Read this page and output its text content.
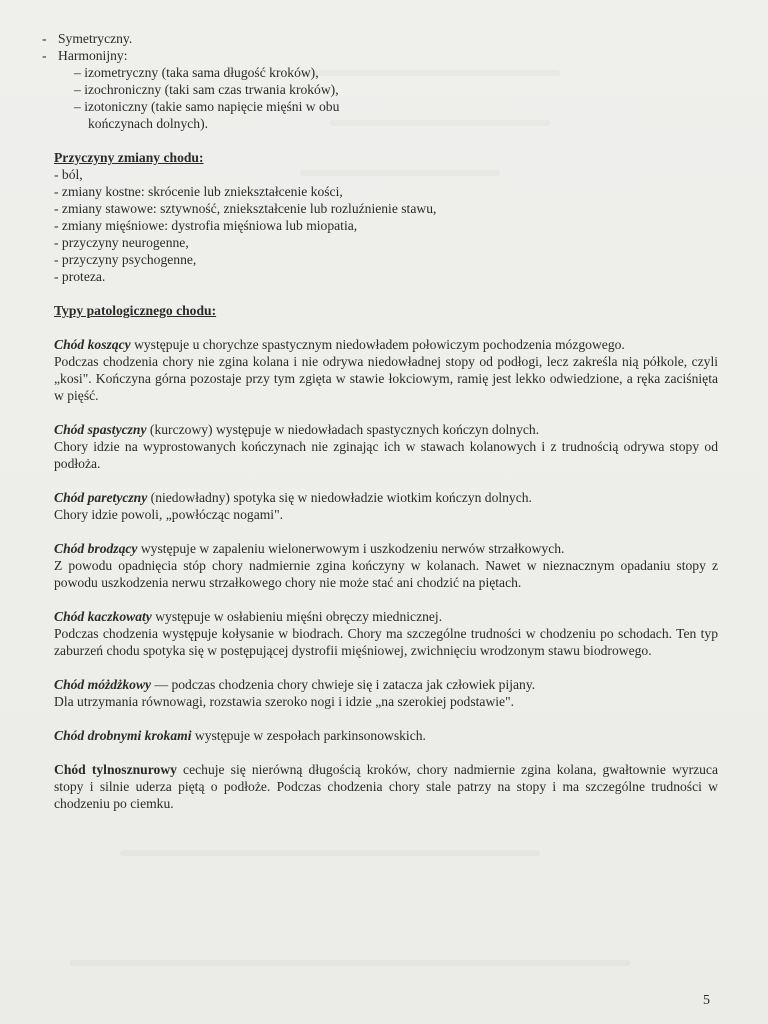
- Symetryczny.
- Harmonijny:
– izometryczny (taka sama długość kroków),
– izochroniczny (taki sam czas trwania kroków),
– izotoniczny (takie samo napięcie mięśni w obu
kończynach dolnych).
Przyczyny zmiany chodu:
- ból,
- zmiany kostne: skrócenie lub zniekształcenie kości,
- zmiany stawowe: sztywność, zniekształcenie lub rozluźnienie stawu,
- zmiany mięśniowe: dystrofia mięśniowa lub miopatia,
- przyczyny neurogenne,
- przyczyny psychogenne,
- proteza.
Typy patologicznego chodu:

Chód koszący występuje u chorychze spastycznym niedowładem połowiczym pochodzenia mózgowego.

Podczas chodzenia chory nie zgina kolana i nie odrywa niedowładnej stopy od podłogi, lecz zakreśla nią półkole, czyli „kosi". Kończyna górna pozostaje przy tym zgięta w stawie łokciowym, ramię jest lekko odwiedzione, a ręka zaciśnięta w pięść.

Chód spastyczny (kurczowy) występuje w niedowładach spastycznych kończyn dolnych.

Chory idzie na wyprostowanych kończynach nie zginając ich w stawach kolanowych i z trudnością odrywa stopy od podłoża.

Chód paretyczny (niedowładny) spotyka się w niedowładzie wiotkim kończyn dolnych.

Chory idzie powoli, „powłócząc nogami".

Chód brodzący występuje w zapaleniu wielonerwowym i uszkodzeniu nerwów strzałkowych.

Z powodu opadnięcia stóp chory nadmiernie zgina kończyny w kolanach. Nawet w nieznacznym opadaniu stopy z powodu uszkodzenia nerwu strzałkowego chory nie może stać ani chodzić na piętach.

Chód kaczkowaty występuje w osłabieniu mięśni obręczy miednicznej.

Podczas chodzenia występuje kołysanie w biodrach. Chory ma szczególne trudności w chodzeniu po schodach. Ten typ zaburzeń chodu spotyka się w postępującej dystrofii mięśniowej, zwichnięciu wrodzonym stawu biodrowego.

Chód móżdżkowy — podczas chodzenia chory chwieje się i zatacza jak człowiek pijany.

Dla utrzymania równowagi, rozstawia szeroko nogi i idzie „na szerokiej podstawie".

Chód drobnymi krokami występuje w zespołach parkinsonowskich.

Chód tylnosznurowy cechuje się nierówną długością kroków, chory nadmiernie zgina kolana, gwałtownie wyrzuca stopy i silnie uderza piętą o podłoże. Podczas chodzenia chory stale patrzy na stopy i ma szczególne trudności w chodzeniu po ciemku.

5
